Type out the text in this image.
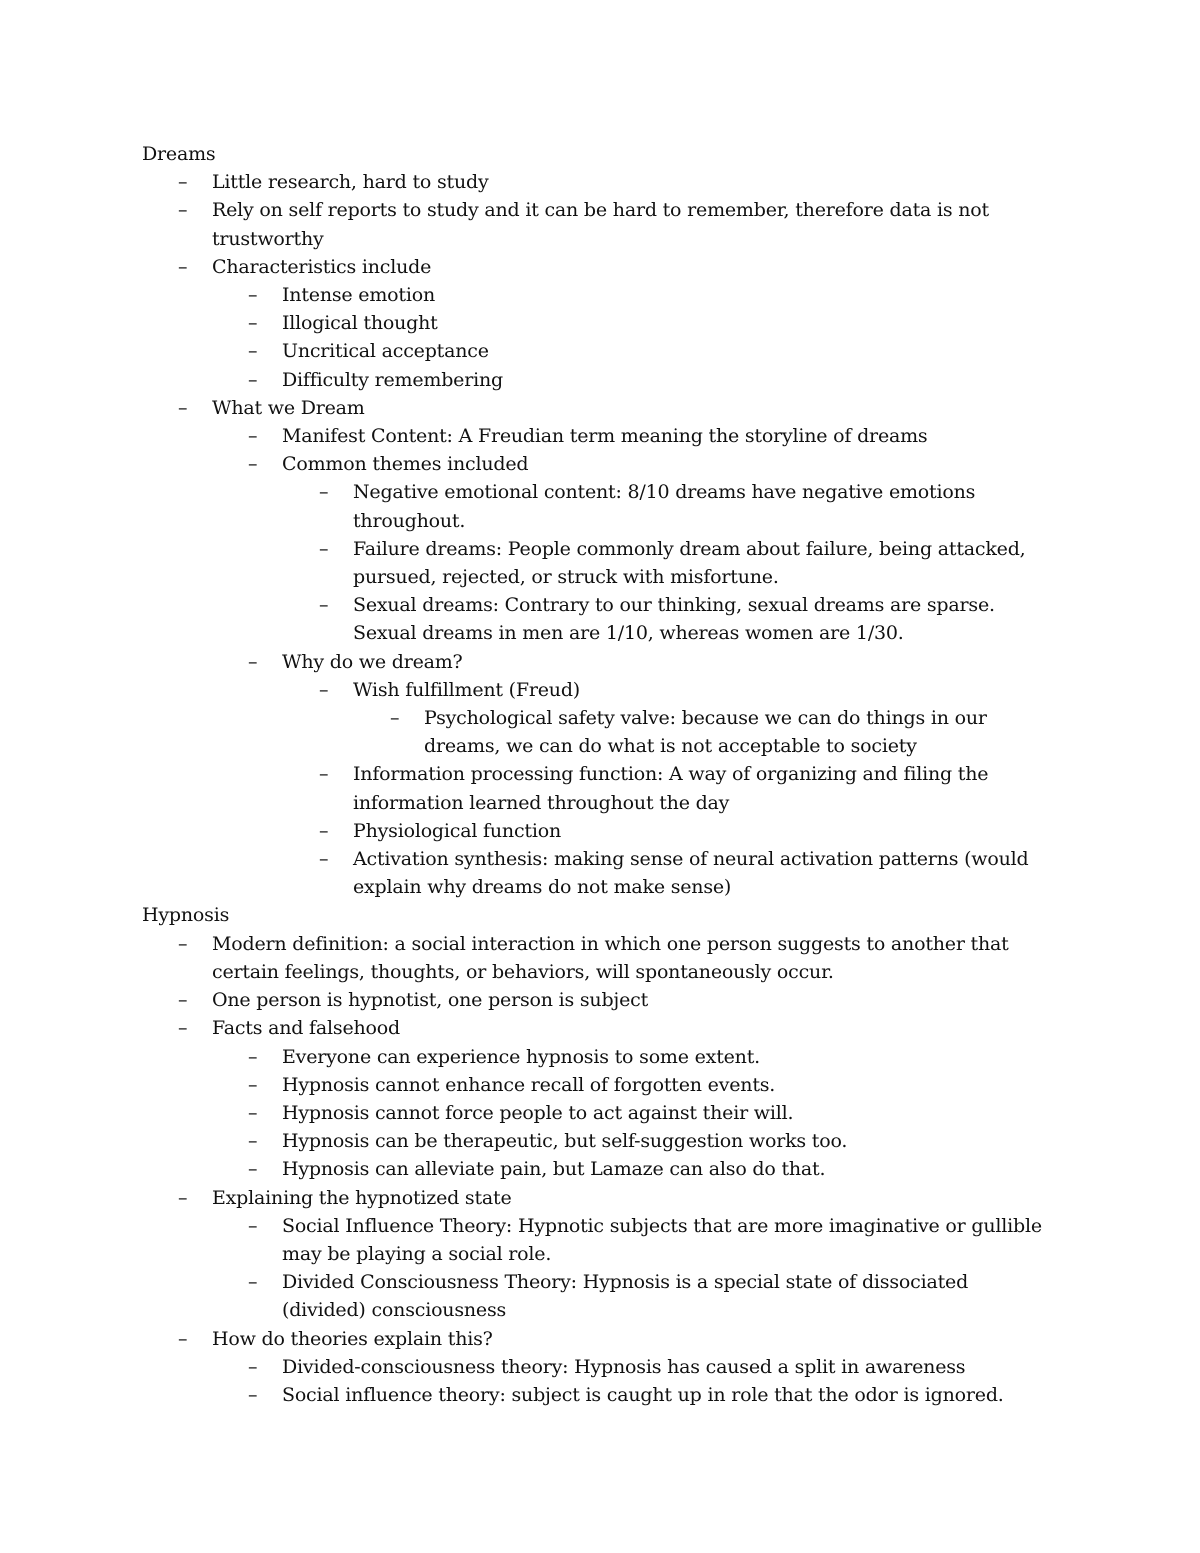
Dreams
– Little research, hard to study
– Rely on self reports to study and it can be hard to remember, therefore data is not
trustworthy
– Characteristics include
– Intense emotion
– Illogical thought
– Uncritical acceptance
– Difficulty remembering
– What we Dream
– Manifest Content: A Freudian term meaning the storyline of dreams
– Common themes included
– Negative emotional content: 8/10 dreams have negative emotions
throughout.
– Failure dreams: People commonly dream about failure, being attacked,
pursued, rejected, or struck with misfortune.
– Sexual dreams: Contrary to our thinking, sexual dreams are sparse.
Sexual dreams in men are 1/10, whereas women are 1/30.
– Why do we dream?
– Wish fulfillment (Freud)
– Psychological safety valve: because we can do things in our
dreams, we can do what is not acceptable to society
– Information processing function: A way of organizing and filing the
information learned throughout the day
– Physiological function
– Activation synthesis: making sense of neural activation patterns (would
explain why dreams do not make sense)
Hypnosis
– Modern definition: a social interaction in which one person suggests to another that
certain feelings, thoughts, or behaviors, will spontaneously occur.
– One person is hypnotist, one person is subject
– Facts and falsehood
– Everyone can experience hypnosis to some extent.
– Hypnosis cannot enhance recall of forgotten events.
– Hypnosis cannot force people to act against their will.
– Hypnosis can be therapeutic, but self-suggestion works too.
– Hypnosis can alleviate pain, but Lamaze can also do that.
– Explaining the hypnotized state
– Social Influence Theory: Hypnotic subjects that are more imaginative or gullible
may be playing a social role.
– Divided Consciousness Theory: Hypnosis is a special state of dissociated
(divided) consciousness
– How do theories explain this?
– Divided-consciousness theory: Hypnosis has caused a split in awareness
– Social influence theory: subject is caught up in role that the odor is ignored.
